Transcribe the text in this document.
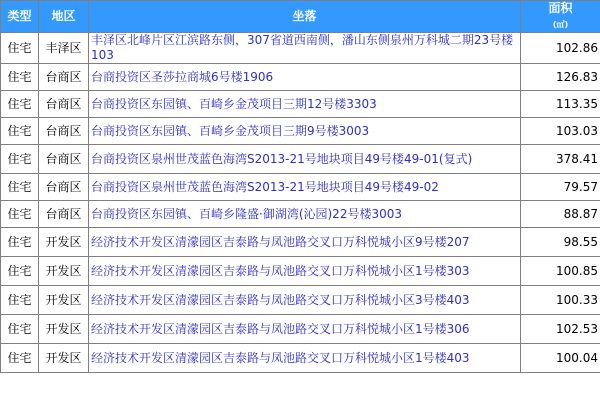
类型	地区	坐落	面积
(㎡)
住宅	丰泽区	丰泽区北峰片区江滨路东侧，307省道西南侧，潘山东侧泉州万科城二期23号楼103	102.86
住宅	台商区	台商投资区圣莎拉商城6号楼1906	126.83
住宅	台商区	台商投资区东园镇、百崎乡金茂项目三期12号楼3303	113.35
住宅	台商区	台商投资区东园镇、百崎乡金茂项目三期9号楼3003	103.03
住宅	台商区	台商投资区泉州世茂蓝色海湾S2013-21号地块项目49号楼49-01(复式)	378.41
住宅	台商区	台商投资区泉州世茂蓝色海湾S2013-21号地块项目49号楼49-02	79.57
住宅	台商区	台商投资区东园镇、百崎乡隆盛·御湖湾(沁园)22号楼3003	88.87
住宅	开发区	经济技术开发区清濛园区吉泰路与凤池路交叉口万科悦城小区9号楼207	98.55
住宅	开发区	经济技术开发区清濛园区吉泰路与凤池路交叉口万科悦城小区1号楼303	100.85
住宅	开发区	经济技术开发区清濛园区吉泰路与凤池路交叉口万科悦城小区3号楼403	100.33
住宅	开发区	经济技术开发区清濛园区吉泰路与凤池路交叉口万科悦城小区1号楼306	102.53
住宅	开发区	经济技术开发区清濛园区吉泰路与凤池路交叉口万科悦城小区1号楼403	100.04
